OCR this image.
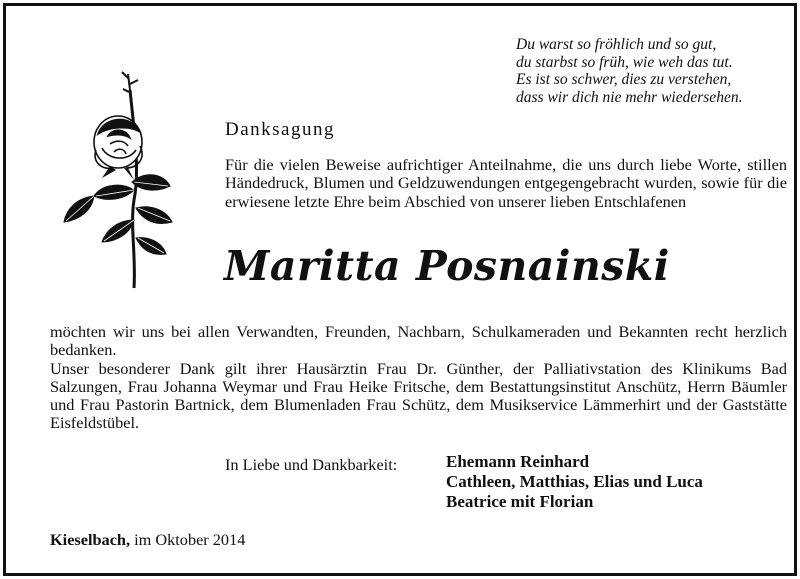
Du warst so fröhlich und so gut,
du starbst so früh, wie weh das tut.
Es ist so schwer, dies zu verstehen,
dass wir dich nie mehr wiedersehen.
Danksagung
Für die vielen Beweise aufrichtiger Anteilnahme, die uns durch liebe Worte, stillen Händedruck, Blumen und Geldzuwendungen entgegengebracht wurden, sowie für die erwiesene letzte Ehre beim Abschied von unserer lieben Entschlafenen
Maritta Posnainski

möchten wir uns bei allen Verwandten, Freunden, Nachbarn, Schulkameraden und Bekannten recht herzlich bedanken.

Unser besonderer Dank gilt ihrer Hausärztin Frau Dr. Günther, der Palliativstation des Klinikums Bad Salzungen, Frau Johanna Weymar und Frau Heike Fritsche, dem Bestattungsinstitut Anschütz, Herrn Bäumler und Frau Pastorin Bartnick, dem Blumenladen Frau Schütz, dem Musikservice Lämmerhirt und der Gaststätte Eisfeldstübel.

In Liebe und Dankbarkeit:	Ehemann Reinhard
Cathleen, Matthias, Elias und Luca
Beatrice mit Florian
Kieselbach, im Oktober 2014
